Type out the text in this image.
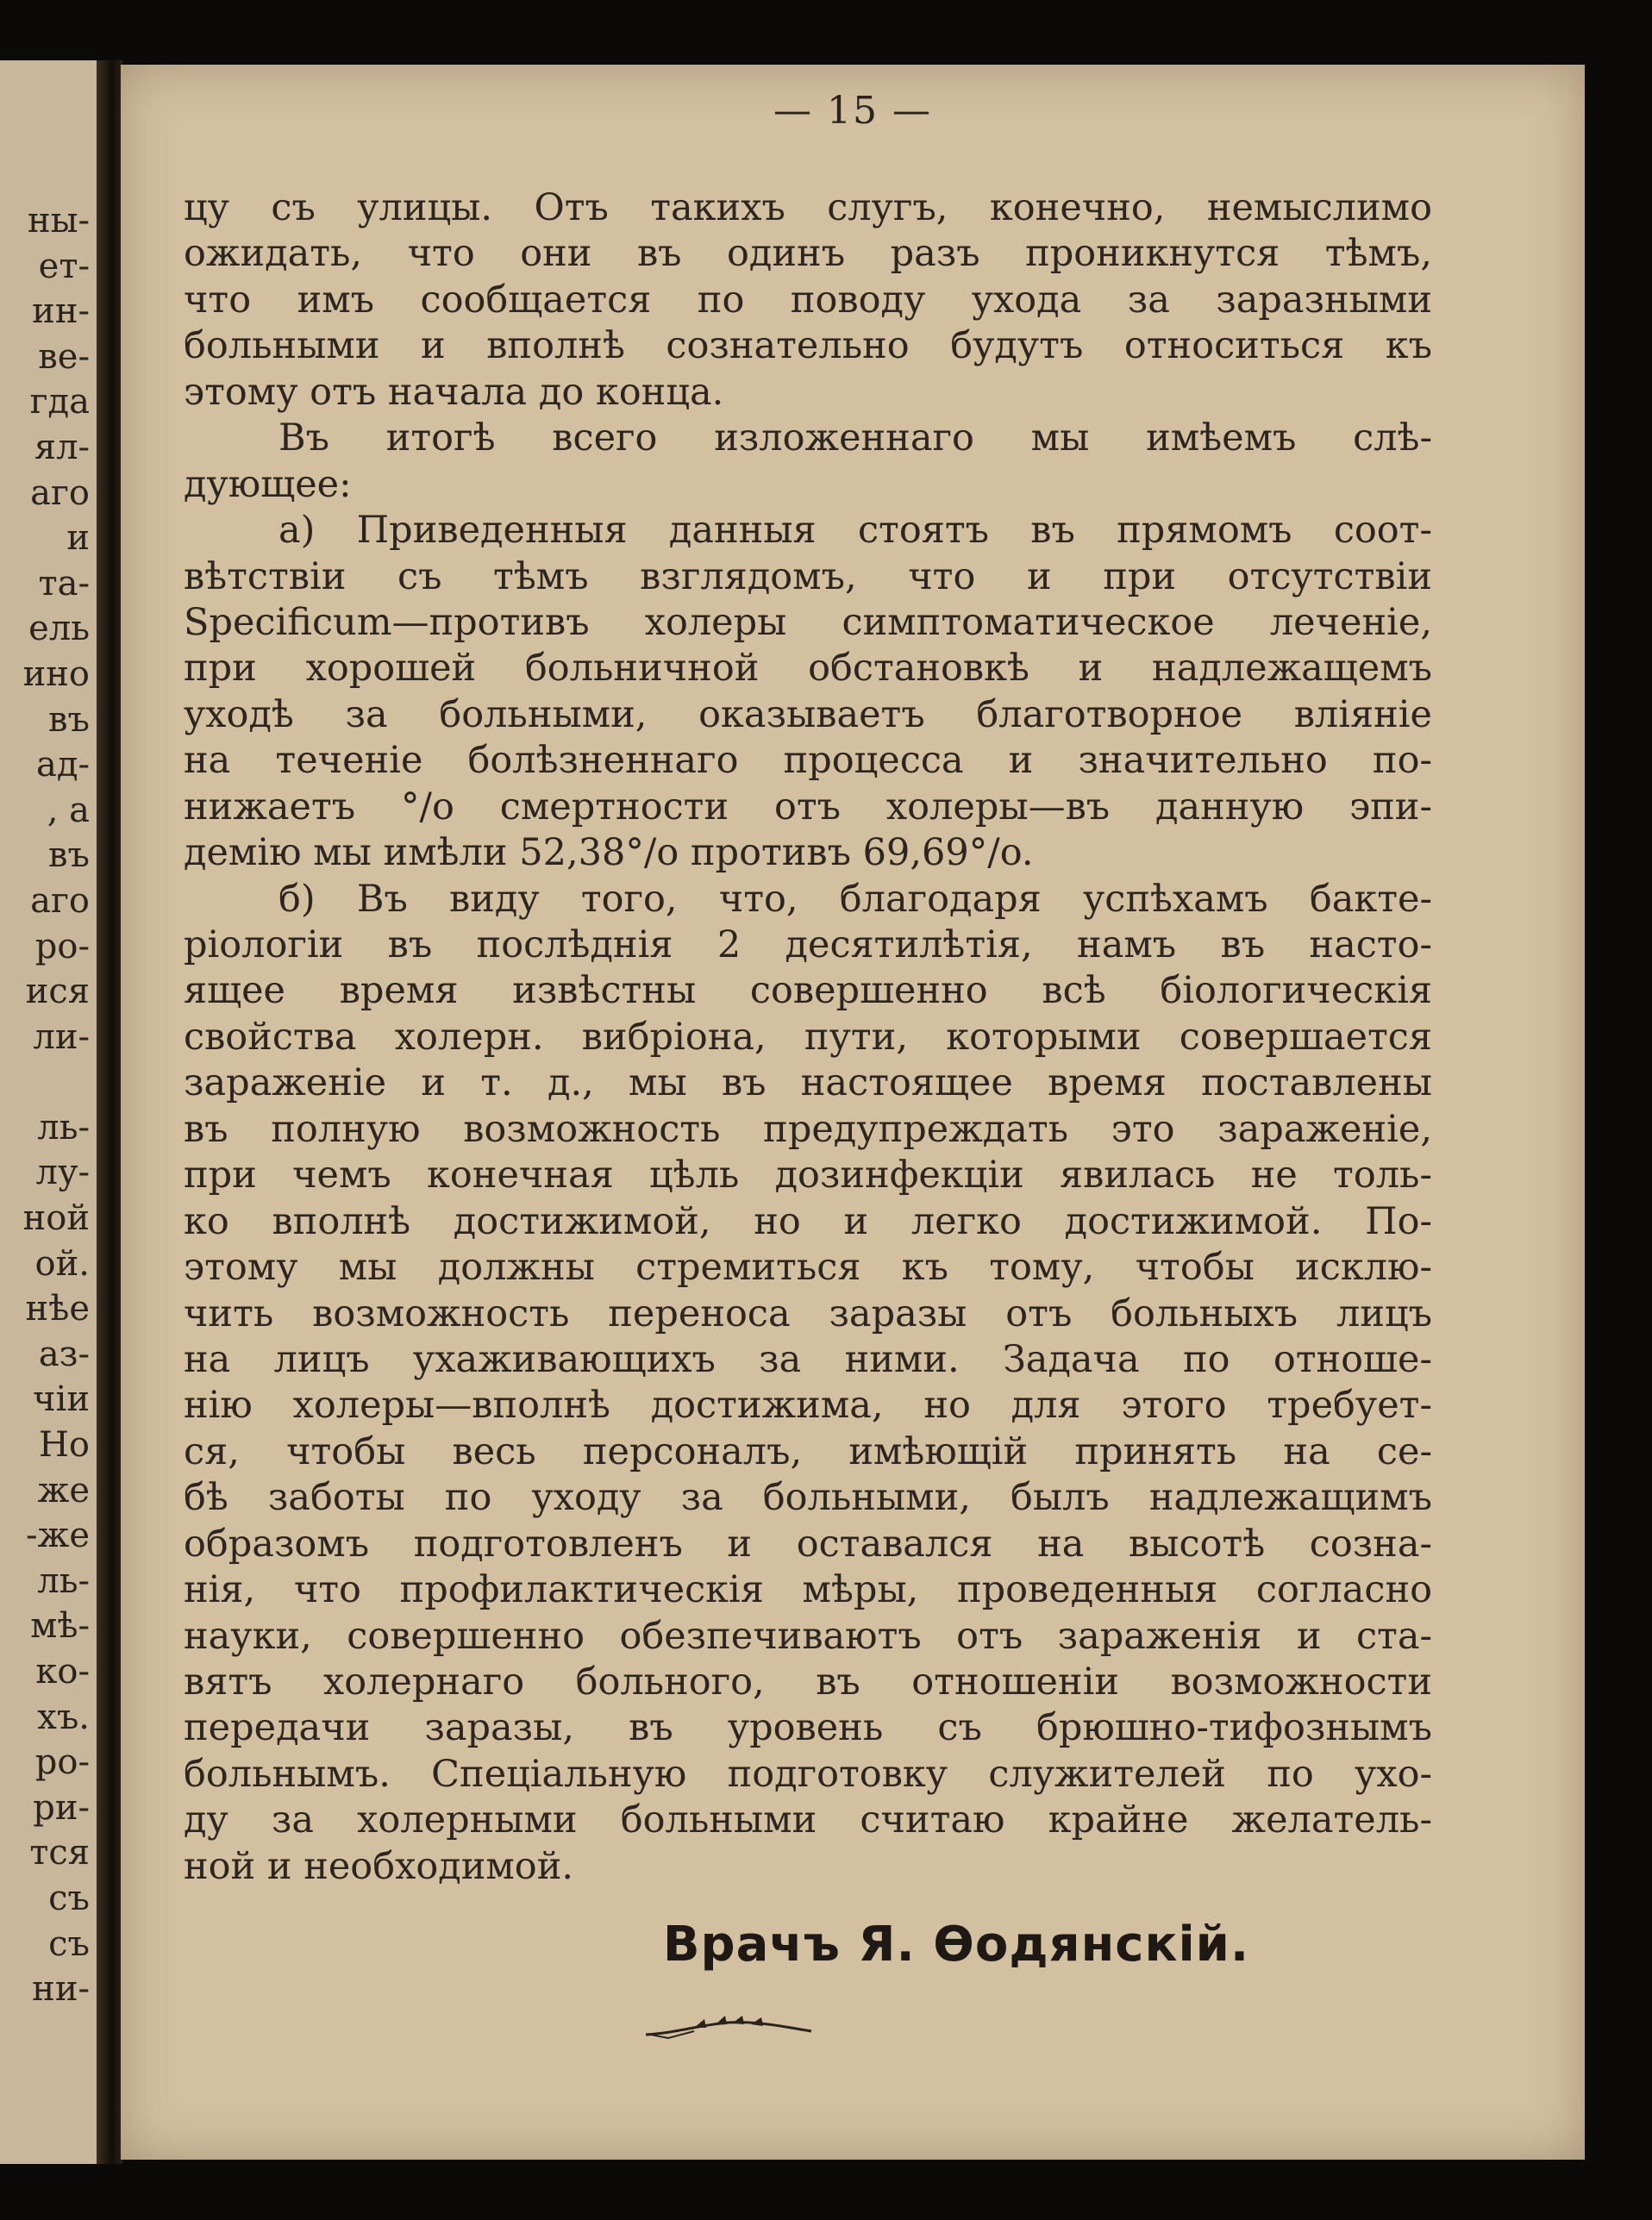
ны-
ет-
ин-
ве-
гда
ял-
аго
и
та-
ель
ино
въ
ад-
, а
въ
аго
ро-
ися
ли-
ль-
лу-
ной
ой.
нѣе
аз-
чіи
Но
же
-же
ль-
мѣ-
ко-
хъ.
ро-
ри-
тся
съ
съ
ни-

— 15 —

цу съ улицы. Отъ такихъ слугъ, конечно, немыслимо
ожидать, что они въ одинъ разъ проникнутся тѣмъ,
что имъ сообщается по поводу ухода за заразными
больными и вполнѣ сознательно будутъ относиться къ
этому отъ начала до конца.
Въ итогѣ всего изложеннаго мы имѣемъ слѣ-
дующее:
а) Приведенныя данныя стоятъ въ прямомъ соот-
вѣтствіи съ тѣмъ взглядомъ, что и при отсутствіи
Specificum—противъ холеры симптоматическое леченіе,
при хорошей больничной обстановкѣ и надлежащемъ
уходѣ за больными, оказываетъ благотворное вліяніе
на теченіе болѣзненнаго процесса и значительно по-
нижаетъ °/o смертности отъ холеры—въ данную эпи-
демію мы имѣли 52,38°/o противъ 69,69°/o.
б) Въ виду того, что, благодаря успѣхамъ бакте-
ріологіи въ послѣднія 2 десятилѣтія, намъ въ насто-
ящее время извѣстны совершенно всѣ біологическія
свойства холерн. вибріона, пути, которыми совершается
зараженіе и т. д., мы въ настоящее время поставлены
въ полную возможность предупреждать это зараженіе,
при чемъ конечная цѣль дозинфекціи явилась не толь-
ко вполнѣ достижимой, но и легко достижимой. По-
этому мы должны стремиться къ тому, чтобы исклю-
чить возможность переноса заразы отъ больныхъ лицъ
на лицъ ухаживающихъ за ними. Задача по отноше-
нію холеры—вполнѣ достижима, но для этого требует-
ся, чтобы весь персоналъ, имѣющій принять на се-
бѣ заботы по уходу за больными, былъ надлежащимъ
образомъ подготовленъ и оставался на высотѣ созна-
нія, что профилактическія мѣры, проведенныя согласно
науки, совершенно обезпечиваютъ отъ зараженія и ста-
вятъ холернаго больного, въ отношеніи возможности
передачи заразы, въ уровень съ брюшно-тифознымъ
больнымъ. Спеціальную подготовку служителей по ухо-
ду за холерными больными считаю крайне желатель-
ной и необходимой.

Врачъ Я. Ѳодянскій.
